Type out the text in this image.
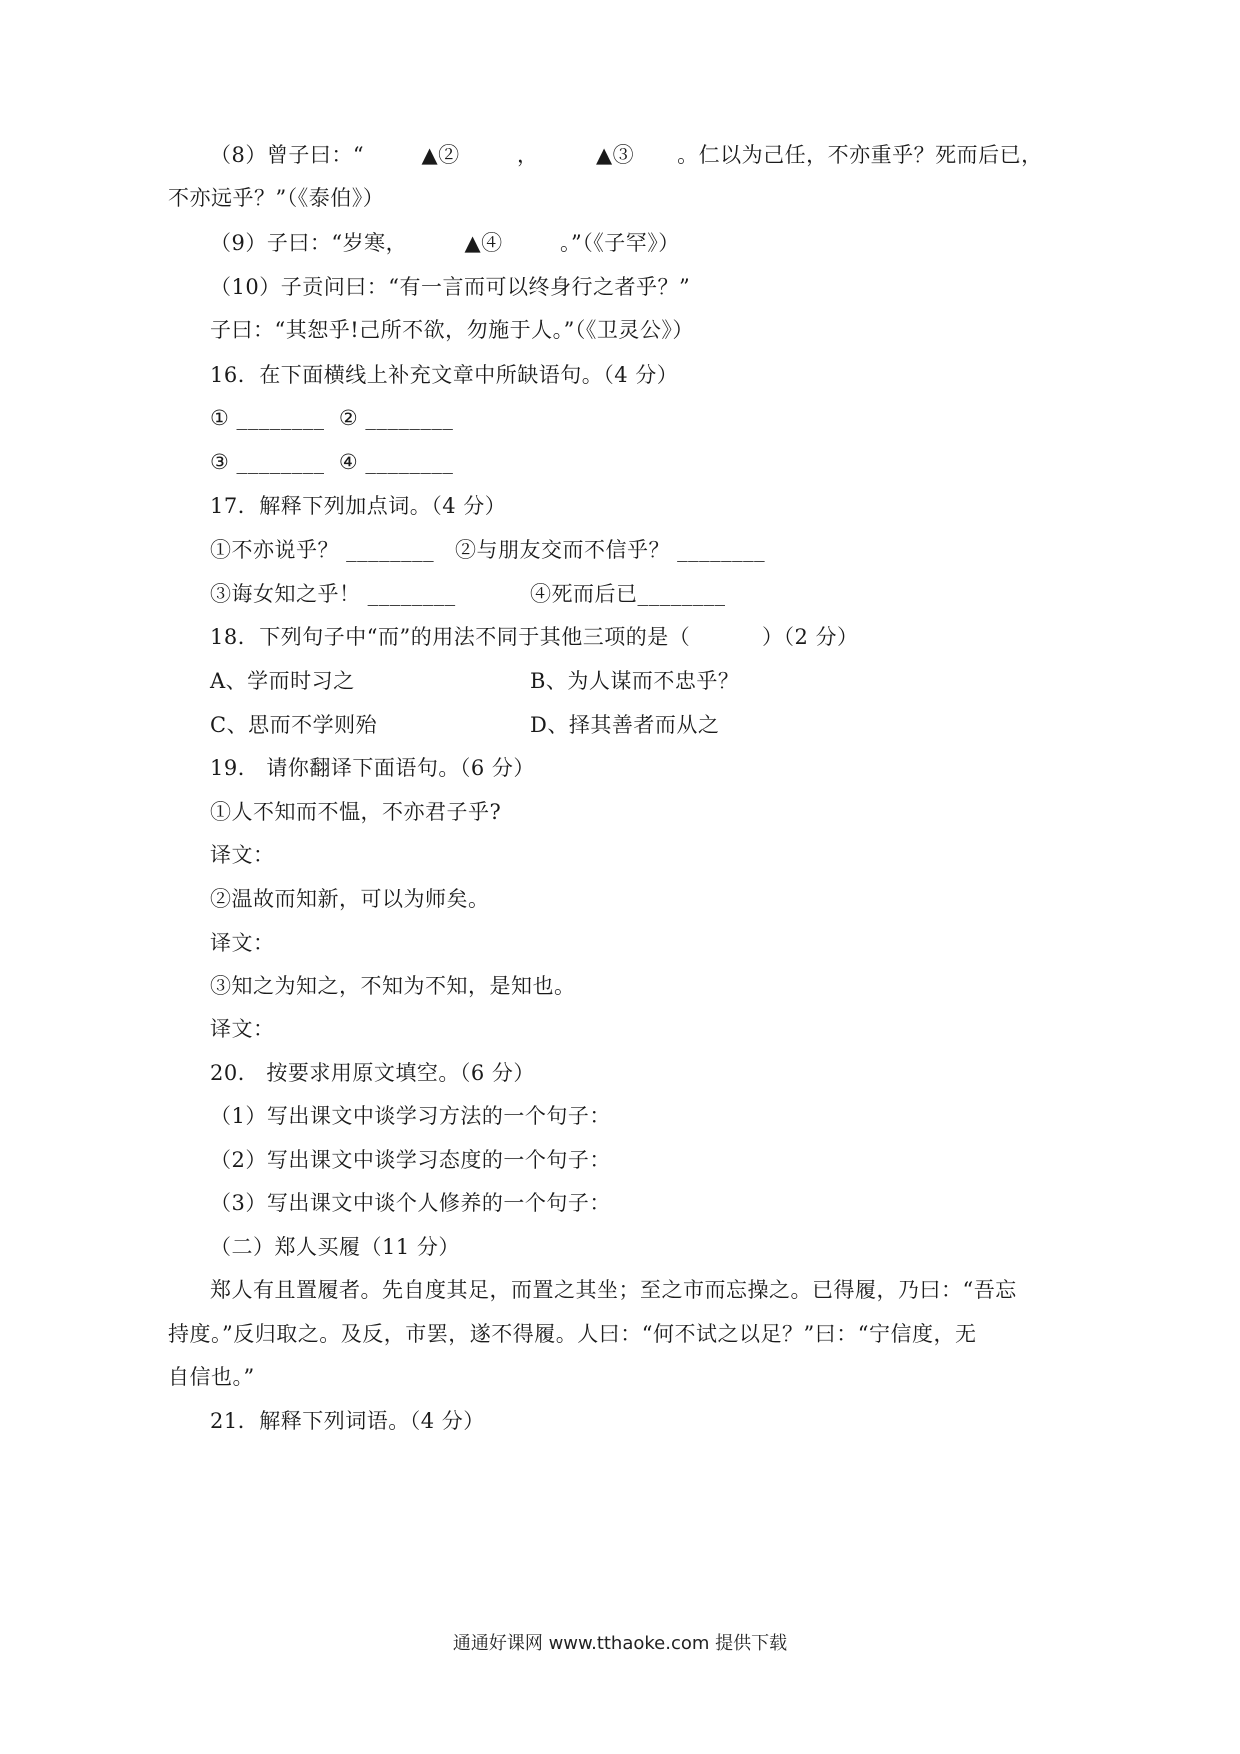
（8）曾子曰：“        ▲②        ，        ▲③      。仁以为己任，不亦重乎？死而后已，
不亦远乎？”（《泰伯》）
（9）子曰：“岁寒，        ▲④        。”（《子罕》）
（10）子贡问曰：“有一言而可以终身行之者乎？”
子曰：“其恕乎!己所不欲，勿施于人。”（《卫灵公》）
16．在下面横线上补充文章中所缺语句。（4 分）
① ________  ② ________
③ ________  ④ ________
17．解释下列加点词。（4 分）
①不亦说乎？ ________ ②与朋友交而不信乎？ ________
③诲女知之乎！ ________	④死而后已________
18．下列句子中“而”的用法不同于其他三项的是（          ）（2 分）
A、学而时习之	B、为人谋而不忠乎？
C、思而不学则殆	D、择其善者而从之
19． 请你翻译下面语句。（6 分）
①人不知而不愠，不亦君子乎?
译文：
②温故而知新，可以为师矣。
译文：
③知之为知之，不知为不知，是知也。
译文：
20． 按要求用原文填空。（6 分）
（1）写出课文中谈学习方法的一个句子：
（2）写出课文中谈学习态度的一个句子：
（3）写出课文中谈个人修养的一个句子：
（二）郑人买履（11 分）
郑人有且置履者。先自度其足，而置之其坐；至之市而忘操之。已得履，乃曰：“吾忘
持度。”反归取之。及反，市罢，遂不得履。人曰：“何不试之以足？”曰：“宁信度，无
自信也。”
21．解释下列词语。（4 分）
通通好课网 www.tthaoke.com 提供下载
